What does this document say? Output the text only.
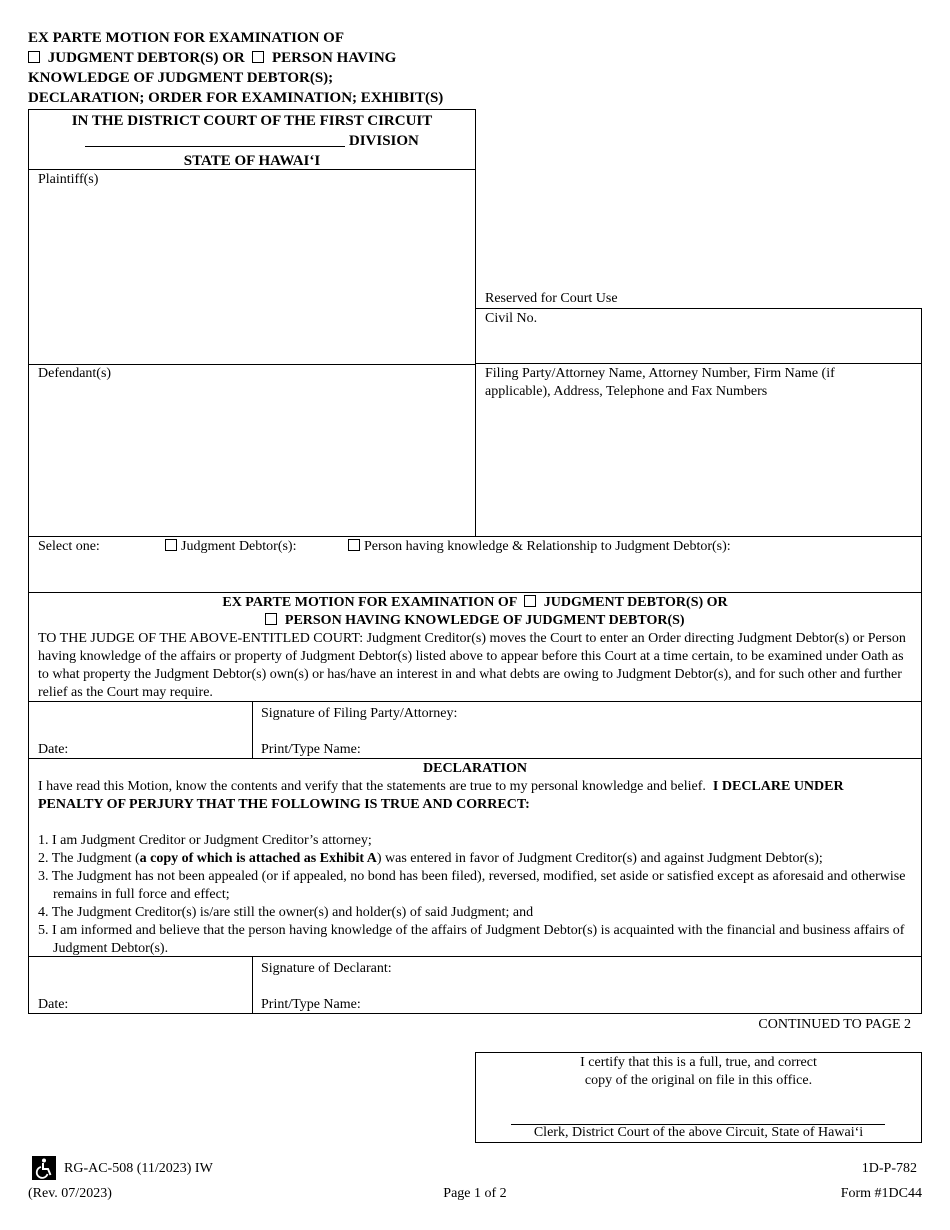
EX PARTE MOTION FOR EXAMINATION OF
JUDGMENT DEBTOR(S) OR PERSON HAVING
KNOWLEDGE OF JUDGMENT DEBTOR(S);
DECLARATION; ORDER FOR EXAMINATION; EXHIBIT(S)
IN THE DISTRICT COURT OF THE FIRST CIRCUIT
DIVISION
STATE OF HAWAI‘I
Plaintiff(s)
Reserved for Court Use
Civil No.
Defendant(s)	Filing Party/Attorney Name, Attorney Number, Firm Name (if applicable), Address, Telephone and Fax Numbers
Select one:	Judgment Debtor(s):	Person having knowledge & Relationship to Judgment Debtor(s):
EX PARTE MOTION FOR EXAMINATION OF JUDGMENT DEBTOR(S) OR
PERSON HAVING KNOWLEDGE OF JUDGMENT DEBTOR(S)
TO THE JUDGE OF THE ABOVE-ENTITLED COURT: Judgment Creditor(s) moves the Court to enter an Order directing Judgment Debtor(s) or Person having knowledge of the affairs or property of Judgment Debtor(s) listed above to appear before this Court at a time certain, to be examined under Oath as to what property the Judgment Debtor(s) own(s) or has/have an interest in and what debts are owing to Judgment Debtor(s), and for such other and further relief as the Court may require.
Date:
Signature of Filing Party/Attorney:
Print/Type Name:
DECLARATION
I have read this Motion, know the contents and verify that the statements are true to my personal knowledge and belief. I DECLARE UNDER PENALTY OF PERJURY THAT THE FOLLOWING IS TRUE AND CORRECT:
1. I am Judgment Creditor or Judgment Creditor’s attorney;
2. The Judgment (a copy of which is attached as Exhibit A) was entered in favor of Judgment Creditor(s) and against Judgment Debtor(s);
3. The Judgment has not been appealed (or if appealed, no bond has been filed), reversed, modified, set aside or satisfied except as aforesaid and otherwise remains in full force and effect;
4. The Judgment Creditor(s) is/are still the owner(s) and holder(s) of said Judgment; and
5. I am informed and believe that the person having knowledge of the affairs of Judgment Debtor(s) is acquainted with the financial and business affairs of Judgment Debtor(s).
Date:
Signature of Declarant:
Print/Type Name:
CONTINUED TO PAGE 2
I certify that this is a full, true, and correct
copy of the original on file in this office.
Clerk, District Court of the above Circuit, State of Hawai‘i
RG-AC-508 (11/2023) IW
(Rev. 07/2023)	Page 1 of 2
1D-P-782
Form #1DC44
